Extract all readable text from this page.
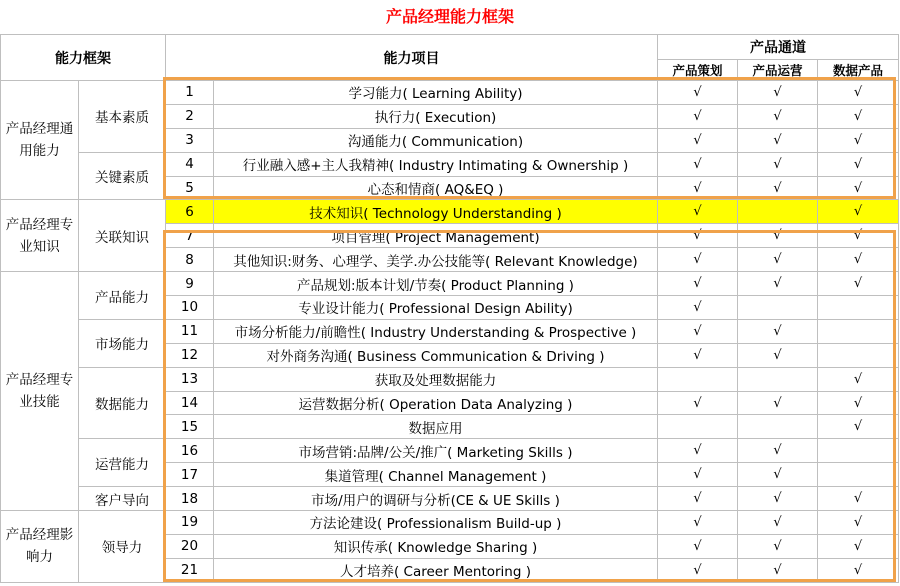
产品经理能力框架
能力框架		能力项目		产品通道		
				产品策划	产品运营	数据产品
产品经理通用能力	基本素质	1	学习能力( Learning Ability)	√	√	√
		2	执行力( Execution)	√	√	√
		3	沟通能力( Communication)	√	√	√
	关键素质	4	行业融入感+主人我精神( Industry Intimating & Ownership )	√	√	√
		5	心态和情商( AQ&EQ )	√	√	√
产品经理专业知识	关联知识	6	技术知识( Technology Understanding )	√		√
		7	项目管理( Project Management)	√	√	√
		8	其他知识:财务、心理学、美学.办公技能等( Relevant Knowledge)	√	√	√
产品经理专业技能	产品能力	9	产品规划:版本计划/节奏( Product Planning )	√	√	√
		10	专业设计能力( Professional Design Ability)	√		
	市场能力	11	市场分析能力/前瞻性( Industry Understanding & Prospective )	√	√	
		12	对外商务沟通( Business Communication & Driving )	√	√	
	数据能力	13	获取及处理数据能力			√
		14	运营数据分析( Operation Data Analyzing )	√	√	√
		15	数据应用			√
	运营能力	16	市场营销:品牌/公关/推广( Marketing Skills )	√	√	
		17	集道管理( Channel Management )	√	√	
	客户导向	18	市场/用户的调研与分析(CE & UE Skills )	√	√	√
产品经理影响力	领导力	19	方法论建设( Professionalism Build-up )	√	√	√
		20	知识传承( Knowledge Sharing )	√	√	√
		21	人才培养( Career Mentoring )	√	√	√
